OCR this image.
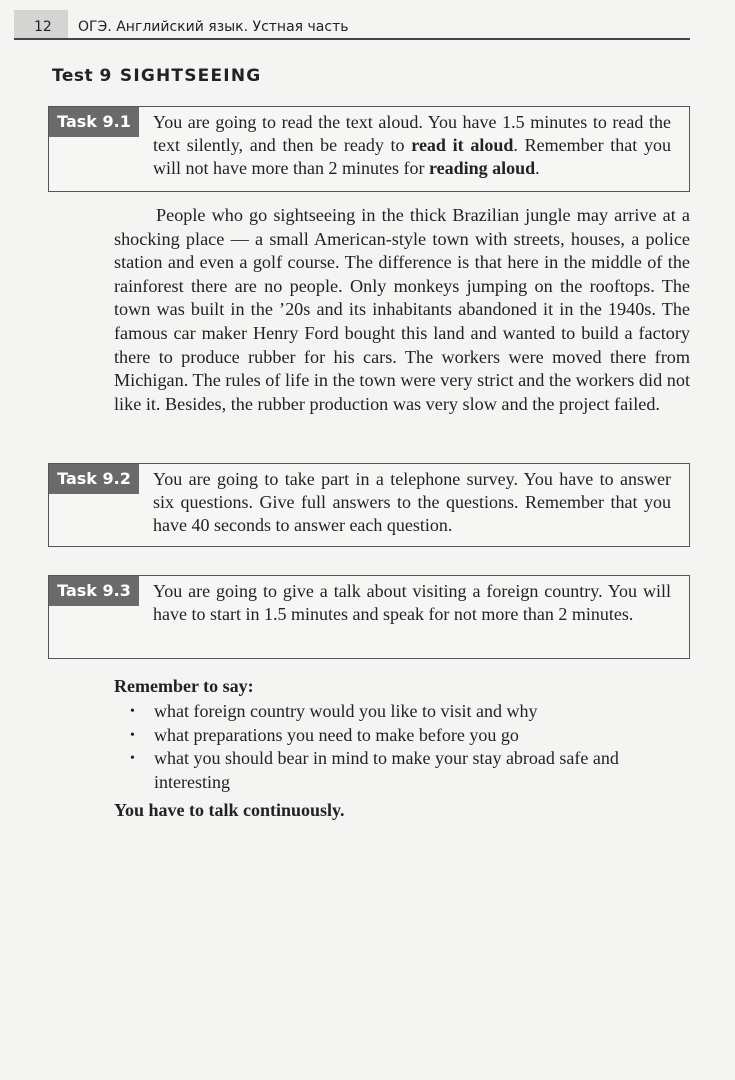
12	ОГЭ. Английский язык. Устная часть
Test 9 SIGHTSEEING
Task 9.1	You are going to read the text aloud. You have 1.5 minutes to read the text silently, and then be ready to read it aloud. Remember that you will not have more than 2 minutes for reading aloud.

People who go sightseeing in the thick Brazilian jungle may arrive at a shocking place — a small American-style town with streets, houses, a police station and even a golf course. The difference is that here in the middle of the rainforest there are no people. Only monkeys jumping on the rooftops. The town was built in the ’20s and its inhabitants abandoned it in the 1940s. The famous car maker Henry Ford bought this land and wanted to build a factory there to produce rubber for his cars. The workers were moved there from Michigan. The rules of life in the town were very strict and the workers did not like it. Besides, the rubber production was very slow and the project failed.

Task 9.2	You are going to take part in a telephone survey. You have to answer six questions. Give full answers to the questions. Remember that you have 40 seconds to answer each question.
Task 9.3	You are going to give a talk about visiting a foreign country. You will have to start in 1.5 minutes and speak for not more than 2 minutes.
Remember to say:
• what foreign country would you like to visit and why
• what preparations you need to make before you go
• what you should bear in mind to make your stay abroad safe and interesting
You have to talk continuously.
